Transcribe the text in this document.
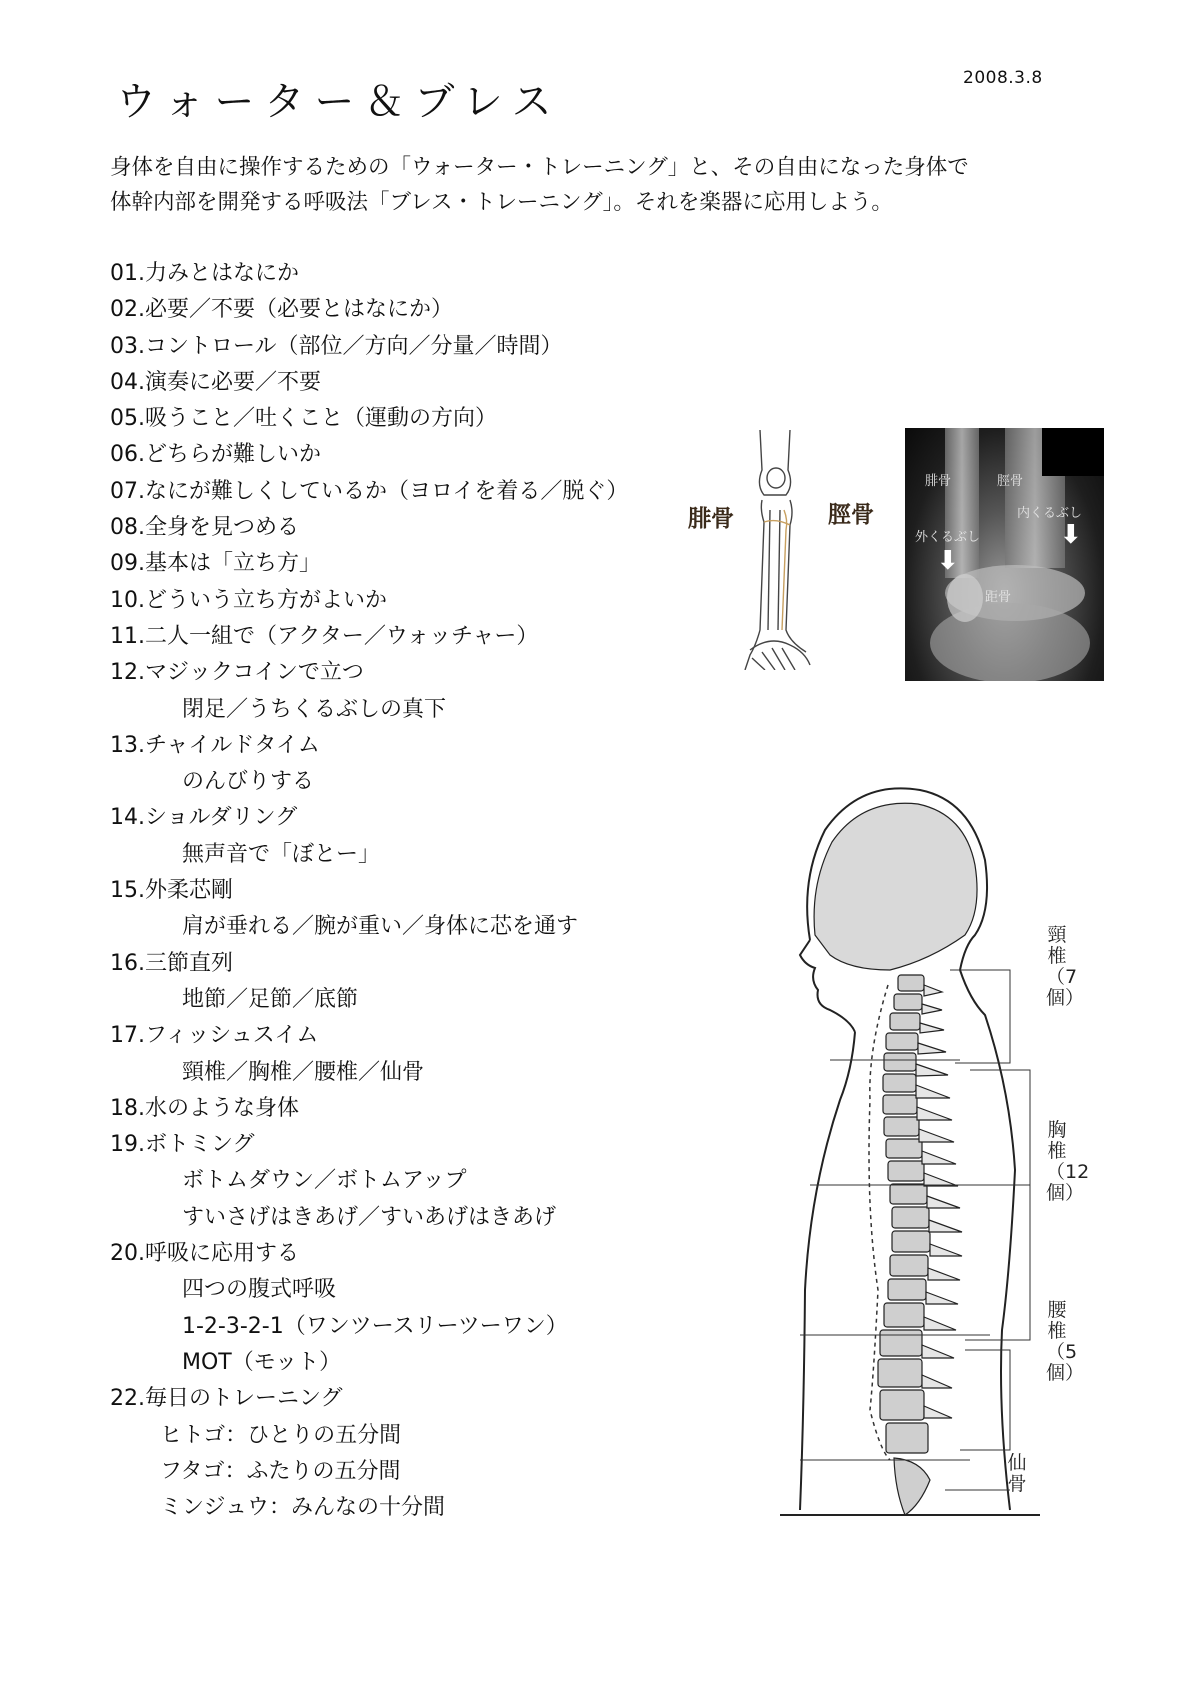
ウォーター＆ブレス
2008.3.8
身体を自由に操作するための「ウォーター・トレーニング」と、その自由になった身体で
体幹内部を開発する呼吸法「ブレス・トレーニング」。それを楽器に応用しよう。
01.力みとはなにか
02.必要／不要（必要とはなにか）
03.コントロール（部位／方向／分量／時間）
04.演奏に必要／不要
05.吸うこと／吐くこと（運動の方向）
06.どちらが難しいか
07.なにが難しくしているか（ヨロイを着る／脱ぐ）
08.全身を見つめる
09.基本は「立ち方」
10.どういう立ち方がよいか
11.二人一組で（アクター／ウォッチャー）
12.マジックコインで立つ
閉足／うちくるぶしの真下
13.チャイルドタイム
のんびりする
14.ショルダリング
無声音で「ぼとー」
15.外柔芯剛
肩が垂れる／腕が重い／身体に芯を通す
16.三節直列
地節／足節／底節
17.フィッシュスイム
頸椎／胸椎／腰椎／仙骨
18.水のような身体
19.ボトミング
ボトムダウン／ボトムアップ
すいさげはきあげ／すいあげはきあげ
20.呼吸に応用する
四つの腹式呼吸
1-2-3-2-1（ワンツースリーツーワン）
MOT（モット）
22.毎日のトレーニング
ヒトゴ：ひとりの五分間
フタゴ：ふたりの五分間
ミンジュウ：みんなの十分間
腓骨	脛骨
腓骨	脛骨
内くるぶし
外くるぶし
⬇
⬇
距骨
頸
椎
（7
個）
胸
椎
（12
個）
腰
椎
（5
個）
仙
骨
